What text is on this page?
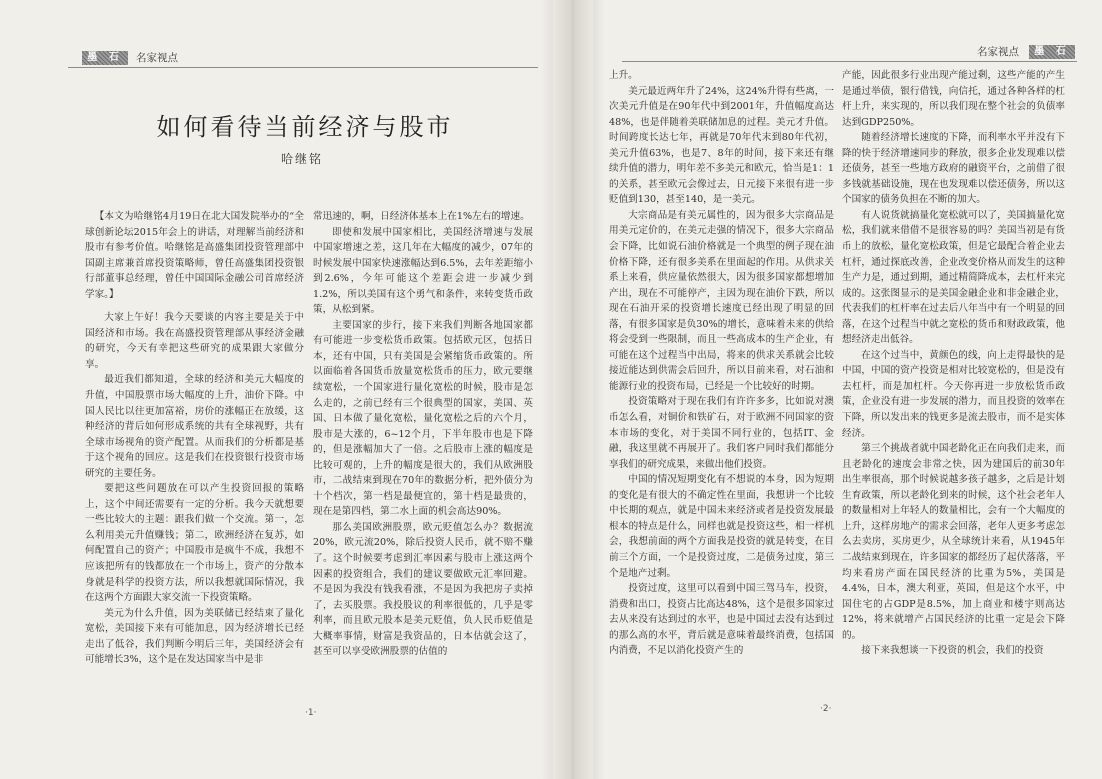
墨 石	名家视点
如何看待当前经济与股市
哈继铭

【本文为哈继铭4月19日在北大国发院举办的“全球创新论坛2015年会上的讲话，对理解当前经济和股市有参考价值。哈继铭是高盛集团投资管理部中国副主席兼首席投资策略师，曾任高盛集团投资银行部董事总经理，曾任中国国际金融公司首席经济学家。】

大家上午好！我今天要谈的内容主要是关于中国经济和市场。我在高盛投资管理部从事经济金融的研究，今天有幸把这些研究的成果跟大家做分享。

最近我们都知道，全球的经济和美元大幅度的升值，中国股票市场大幅度的上升，油价下降。中国人民比以往更加富裕，房价的涨幅正在放缓，这种经济的背后如何形成系统的共有全球视野，共有全球市场视角的资产配置。从而我们的分析都是基于这个视角的回应。这是我们在投资银行投资市场研究的主要任务。

要把这些问题放在可以产生投资回报的策略上，这个中间还需要有一定的分析。我今天就想要一些比较大的主题：跟我们做一个交流。第一，怎么利用美元升值赚钱；第二，欧洲经济在复苏，如何配置自己的资产；中国股市是疯牛不成，我想不应该把所有的钱都放在一个市场上，资产的分散本身就是科学的投资方法，所以我想就国际情况，我在这两个方面跟大家交流一下投资策略。

美元为什么升值，因为美联储已经结束了量化宽松，美国接下来有可能加息，因为经济增长已经走出了低谷，我们判断今明后三年，美国经济会有可能增长3%，这个是在发达国家当中是非

常迅速的，啊，日经济体基本上在1%左右的增速。

即使和发展中国家相比，美国经济增速与发展中国家增速之差，这几年在大幅度的减少，07年的时候发展中国家快速涨幅达到6.5%，去年差距缩小到2.6%，今年可能这个差距会进一步减少到1.2%，所以美国有这个勇气和条件，来转变货币政策，从松到紧。

主要国家的步行，接下来我们判断各地国家都有可能进一步变松货币政策。包括欧元区，包括日本，还有中国，只有美国是会紧缩货币政策的。所以面临着各国货币放量宽松货币的压力，欧元要继续宽松，一个国家进行量化宽松的时候，股市是怎么走的，之前已经有三个很典型的国家，美国、英国、日本做了量化宽松，量化宽松之后的六个月，股市是大涨的，6~12个月，下半年股市也是下降的，但是涨幅加大了一倍。之后股市上涨的幅度是比较可观的，上升的幅度是很大的，我们从欧洲股市，二战结束到现在70年的数据分析，把外债分为十个档次，第一档是最便宜的，第十档是最贵的，现在是第四档，第二水上面的机会高达90%。

那么美国欧洲股票，欧元贬值怎么办？数据流20%，欧元流20%，除后投资人民币，就不赔不赚了。这个时候要考虑到汇率因素与股市上涨这两个因素的投资组合，我们的建议要做欧元汇率回避。不是因为我没有钱我看涨，不是因为我把房子卖掉了，去买股票。我投股议的利率很低的，几乎是零利率，而且欧元股本是美元贬值，负人民币贬值是大概率事情，财富是我资品的，日本估就会这了，甚至可以享受欧洲股票的估值的

·1·
名家视点	墨 石

上升。

美元最近两年升了24%，这24%升得有些离，一次美元升值是在90年代中到2001年，升值幅度高达48%，也是伴随着美联储加息的过程。美元才升值。时间跨度长达七年，再就是70年代末到80年代初，美元升值63%，也是7、8年的时间，接下来还有继续升值的潜力，明年差不多美元和欧元，恰当是1：1的关系，甚至欧元会像过去，日元接下来很有进一步贬值到130，甚至140，是一美元。

大宗商品是有美元属性的，因为很多大宗商品是用美元定价的，在美元走强的情况下，很多大宗商品会下降，比如说石油价格就是一个典型的例子现在油价格下降，还有很多美系在里面起的作用。从供求关系上来看，供应量依然很大，因为很多国家都想增加产出，现在不可能停产，主因为现在油价下跌，所以现在石油开采的投资增长速度已经出现了明显的回落，有很多国家是负30%的增长，意味着未来的供给将会受到一些限制，而且一些高成本的生产企业，有可能在这个过程当中出局，将来的供求关系就会比较接近能达到供需会后回升，所以目前来看，对石油和能源行业的投资布局，已经是一个比较好的时期。

投资策略对于现在我们有许许多多，比如说对澳币怎么看，对铜价和铁矿石，对于欧洲不同国家的资本市场的变化，对于美国不同行业的，包括IT、金融，我这里就不再展开了。我们客户同时我们都能分享我们的研究成果，来做出他们投资。

中国的情况短期变化有不想说的本身，因为短期的变化是有很大的不确定性在里面，我想讲一个比较中长期的观点，就是中国未来经济或者是投资发展最根本的特点是什么，同样也就是投资这些，相一样机会，我想前面的两个方面我是投资的就是转变，在目前三个方面，一个是投资过度，二是债务过度，第三个是地产过剩。

投资过度，这里可以看到中国三驾马车，投资，消费和出口，投资占比高达48%，这个是很多国家过去从来没有达到过的水平，也是中国过去没有达到过的那么高的水平，背后就是意味着最终消费，包括国内消费，不足以消化投资产生的

产能，因此很多行业出现产能过剩，这些产能的产生是通过举债，银行借钱，向信托，通过各种各样的杠杆上升，来实现的，所以我们现在整个社会的负债率达到GDP250%。

随着经济增长速度的下降，而利率水平并没有下降的快于经济增速同步的释放，很多企业发现难以偿还债务，甚至一些地方政府的融资平台，之前借了很多钱就基础设施，现在也发现难以偿还债务，所以这个国家的债务负担在不断的加大。

有人说货就搞量化宽松就可以了，美国搞量化宽松，我们就来借借不是很容易的吗？美国当初是有货币上的放松，量化宽松政策，但是它最配合着企业去杠杆，通过探底改善，企业改变价格从而发生的这种生产力是，通过到期，通过精简降成本，去杠杆来完成的。这张图显示的是美国金融企业和非金融企业，代表我们的杠杆率在过去后八年当中有一个明显的回落，在这个过程当中就之宽松的货币和财政政策，他想经济走出低谷。

在这个过当中，黄颜色的线，向上走得最快的是中国，中国的资产投资是相对比较宽松的，但是没有去杠杆，而是加杠杆。今天你再进一步放松货币政策，企业没有进一步发展的潜力，而且投资的效率在下降，所以发出来的钱更多是流去股市，而不是实体经济。

第三个挑战者就中国老龄化正在向我们走来，而且老龄化的速度会非常之快，因为建国后的前30年出生率很高，那个时候说越多孩子越多，之后是计划生育政策，所以老龄化到来的时候，这个社会老年人的数量相对上年轻人的数量相比，会有一个大幅度的上升，这样房地产的需求会回落，老年人更多考虑怎么去卖房，买房更少，从全球统计来看，从1945年二战结束到现在，许多国家的都经历了起伏落落，平均来看房产面在国民经济的比重为5%，美国是4.4%，日本，澳大利亚，英国，但是这个水平，中国住宅的占GDP是8.5%，加上商业和楼宇则高达12%，将来就增产占国民经济的比重一定是会下降的。

接下来我想谈一下投资的机会，我们的投资

·2·
